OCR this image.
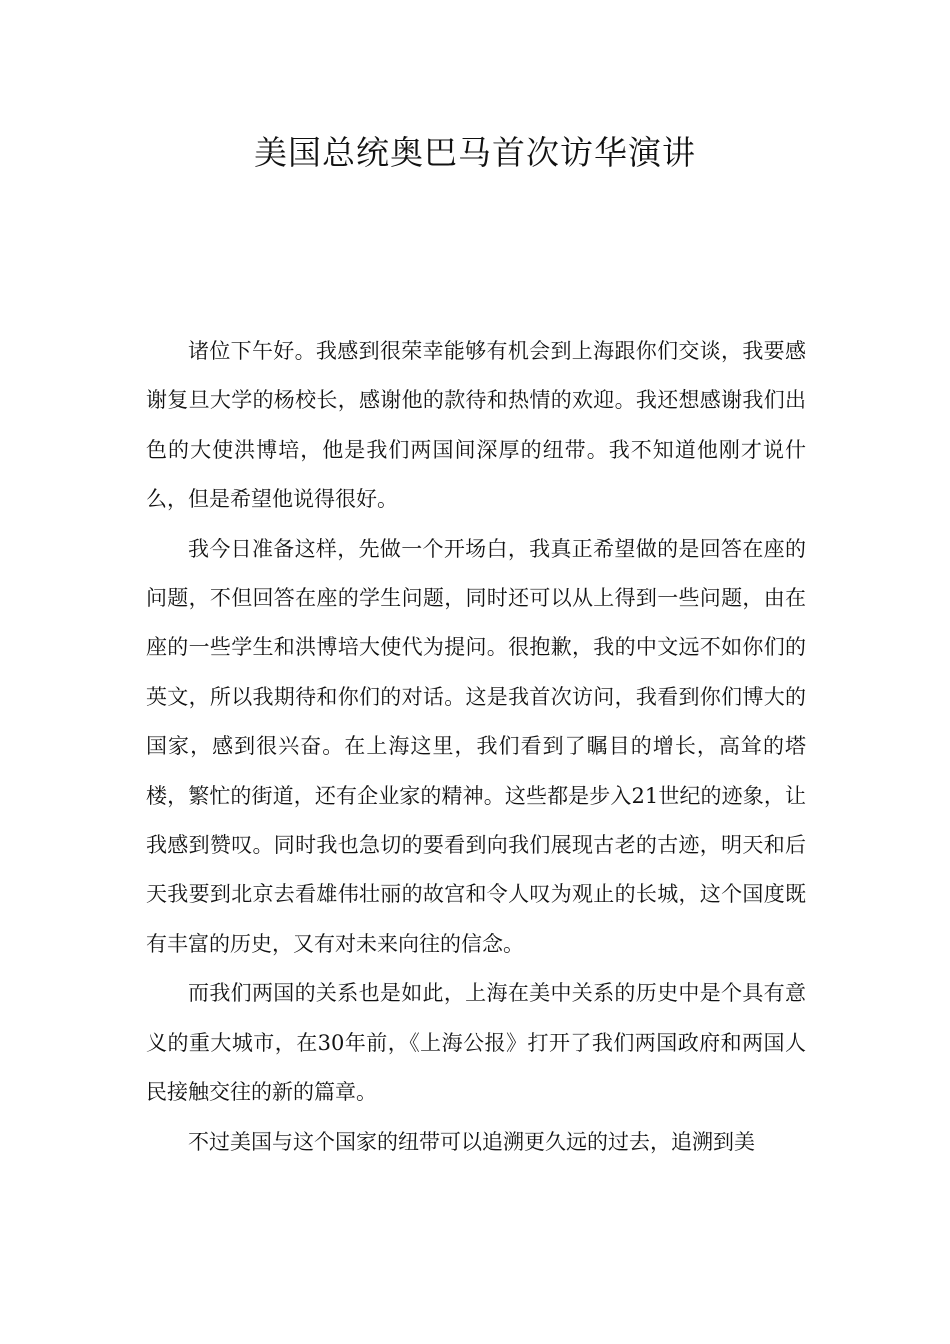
美国总统奥巴马首次访华演讲

诸位下午好。我感到很荣幸能够有机会到上海跟你们交谈，我要感谢复旦大学的杨校长，感谢他的款待和热情的欢迎。我还想感谢我们出色的大使洪博培，他是我们两国间深厚的纽带。我不知道他刚才说什么，但是希望他说得很好。

我今日准备这样，先做一个开场白，我真正希望做的是回答在座的问题，不但回答在座的学生问题，同时还可以从上得到一些问题，由在座的一些学生和洪博培大使代为提问。很抱歉，我的中文远不如你们的英文，所以我期待和你们的对话。这是我首次访问，我看到你们博大的国家，感到很兴奋。在上海这里，我们看到了瞩目的增长，高耸的塔楼，繁忙的街道，还有企业家的精神。这些都是步入21世纪的迹象，让我感到赞叹。同时我也急切的要看到向我们展现古老的古迹，明天和后天我要到北京去看雄伟壮丽的故宫和令人叹为观止的长城，这个国度既有丰富的历史，又有对未来向往的信念。

而我们两国的关系也是如此，上海在美中关系的历史中是个具有意义的重大城市，在30年前，《上海公报》打开了我们两国政府和两国人民接触交往的新的篇章。

不过美国与这个国家的纽带可以追溯更久远的过去，追溯到美
